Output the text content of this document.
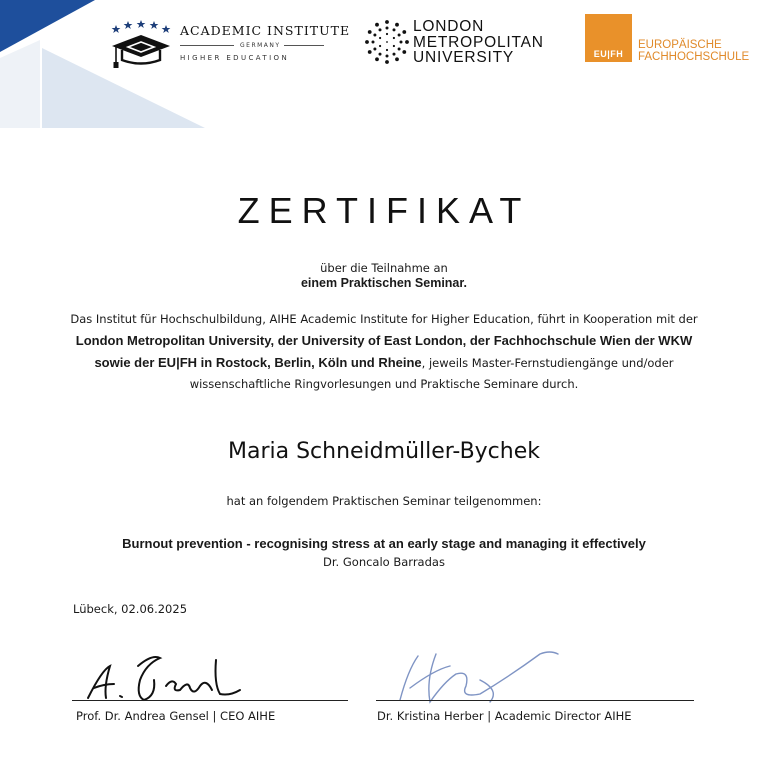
ACADEMIC INSTITUTE
GERMANY
HIGHER EDUCATION
LONDON
METROPOLITAN
UNIVERSITY	EU|FH
EUROPÄISCHE
FACHHOCHSCHULE
ZERTIFIKAT
über die Teilnahme an
einem Praktischen Seminar.
Das Institut für Hochschulbildung, AIHE Academic Institute for Higher Education, führt in Kooperation mit der London Metropolitan University, der University of East London, der Fachhochschule Wien der WKW sowie der EU|FH in Rostock, Berlin, Köln und Rheine, jeweils Master-Fernstudiengänge und/oder wissenschaftliche Ringvorlesungen und Praktische Seminare durch.
Maria Schneidmüller-Bychek
hat an folgendem Praktischen Seminar teilgenommen:
Burnout prevention - recognising stress at an early stage and managing it effectively
Dr. Goncalo Barradas
Lübeck, 02.06.2025
Prof. Dr. Andrea Gensel | CEO AIHE	Dr. Kristina Herber | Academic Director AIHE
